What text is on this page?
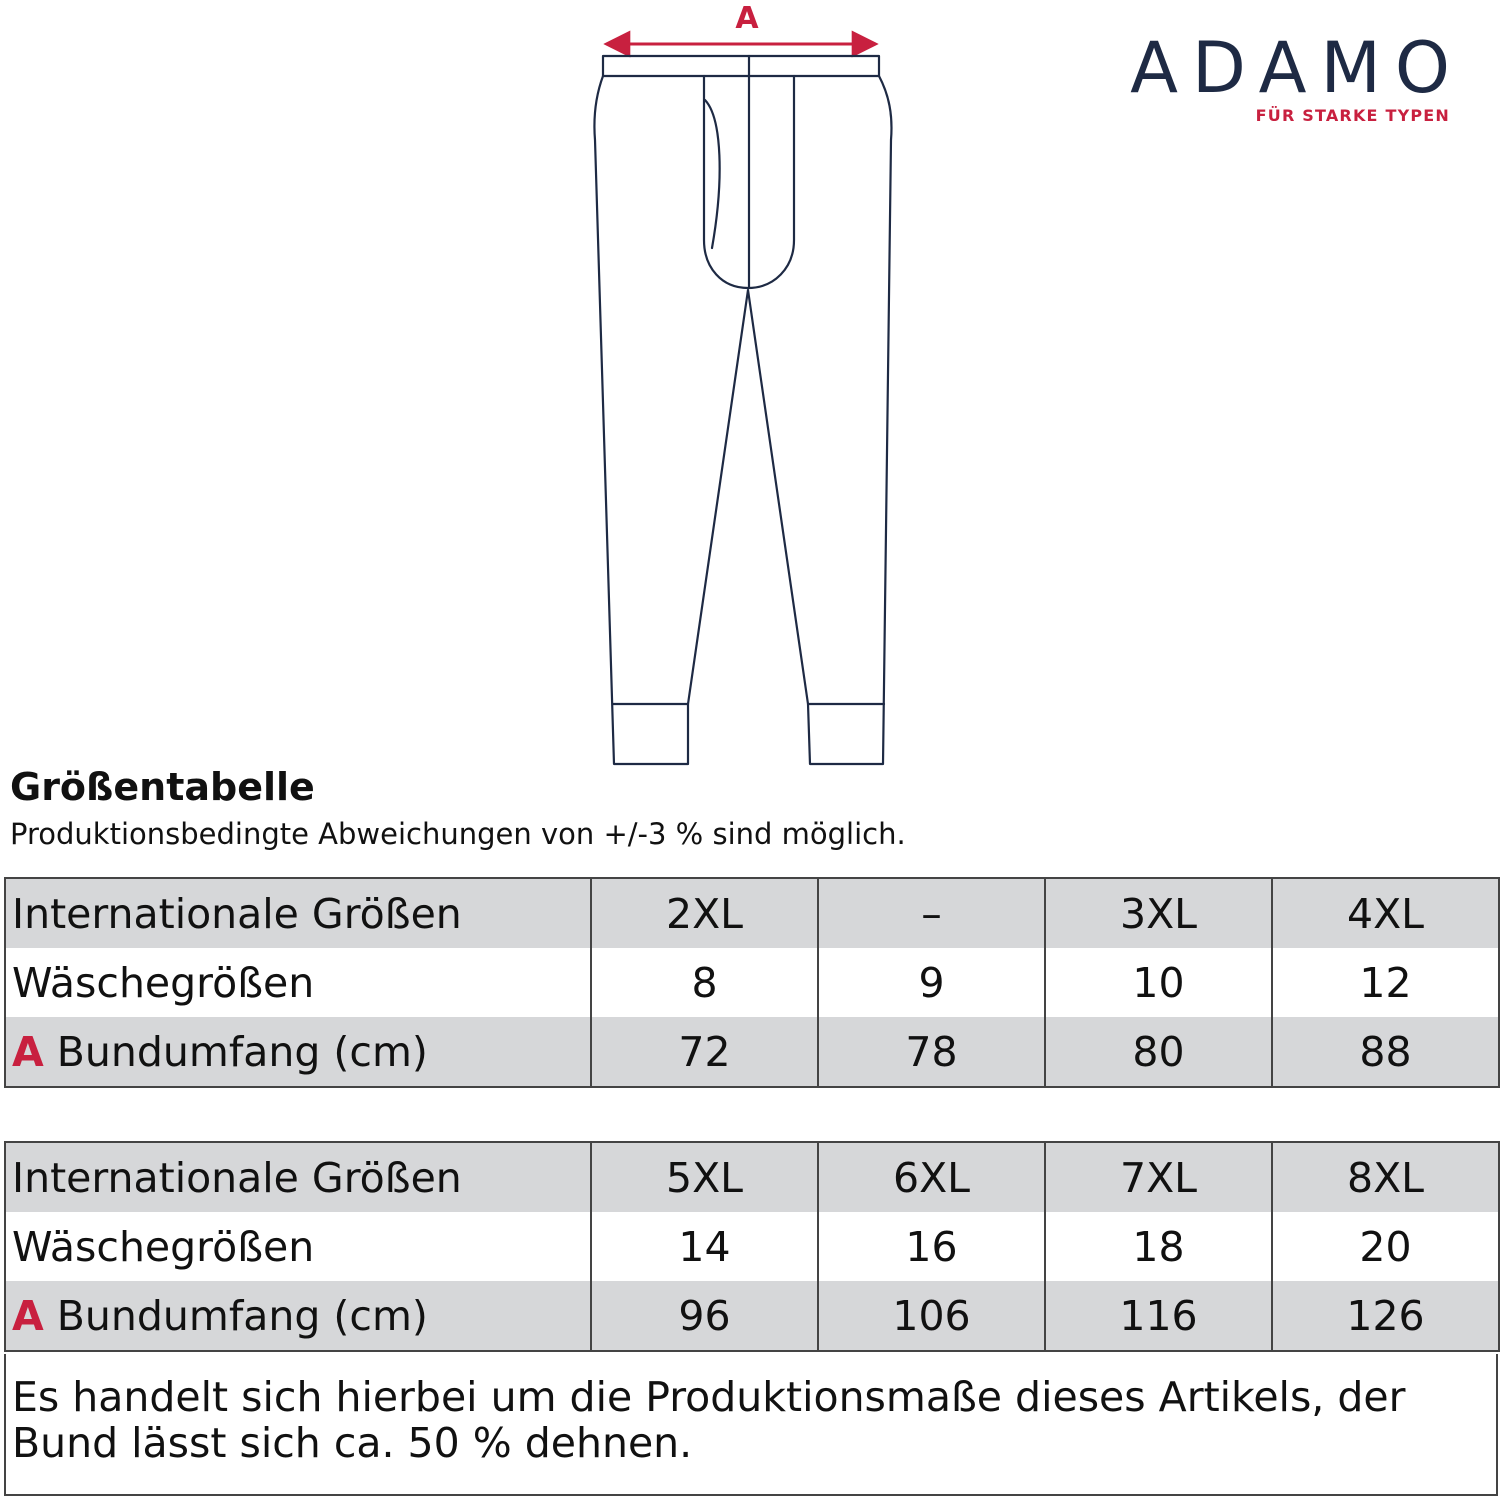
A
ADAMO
FÜR STARKE TYPEN
Größentabelle
Produktionsbedingte Abweichungen von +/-3 % sind möglich.
Internationale Größen	2XL	–	3XL	4XL
Wäschegrößen	8	9	10	12
A Bundumfang (cm)	72	78	80	88
Internationale Größen	5XL	6XL	7XL	8XL
Wäschegrößen	14	16	18	20
A Bundumfang (cm)	96	106	116	126
Es handelt sich hierbei um die Produktionsmaße dieses Artikels, der Bund lässt sich ca. 50 % dehnen.
